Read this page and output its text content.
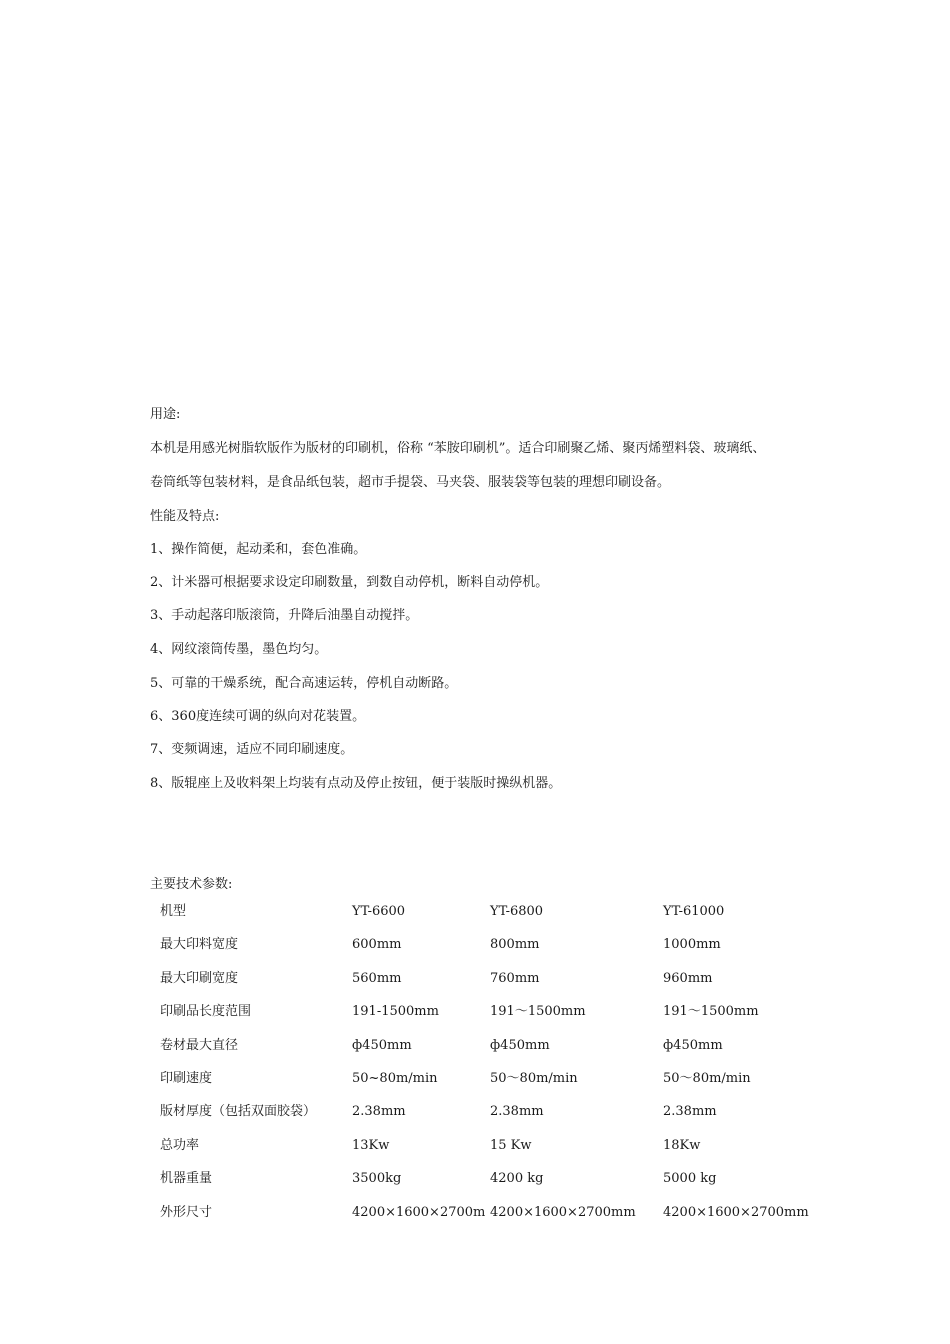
用途:
本机是用感光树脂软版作为版材的印刷机，俗称 “苯胺印刷机”。适合印刷聚乙烯、聚丙烯塑料袋、玻璃纸、
卷筒纸等包装材料，是食品纸包装，超市手提袋、马夹袋、服装袋等包装的理想印刷设备。
性能及特点:
1、操作简便，起动柔和，套色准确。
2、计米器可根据要求设定印刷数量，到数自动停机，断料自动停机。
3、手动起落印版滚筒，升降后油墨自动搅拌。
4、网纹滚筒传墨，墨色均匀。
5、可靠的干燥系统，配合高速运转，停机自动断路。
6、360度连续可调的纵向对花装置。
7、变频调速，适应不同印刷速度。
8、版辊座上及收料架上均装有点动及停止按钮，便于装版时操纵机器。
主要技术参数:
机型	YT-6600	YT-6800	YT-61000
最大印料宽度	600mm	800mm	1000mm
最大印刷宽度	560mm	760mm	960mm
印刷品长度范围	191-1500mm	191～1500mm	191～1500mm
卷材最大直径	ф450mm	ф450mm	ф450mm
印刷速度	50~80m/min	50～80m/min	50～80m/min
版材厚度（包括双面胶袋）	2.38mm	2.38mm	2.38mm
总功率	13Kw	15 Kw	18Kw
机器重量	3500kg	4200 kg	5000 kg
外形尺寸	4200×1600×2700m	4200×1600×2700mm	4200×1600×2700mm
